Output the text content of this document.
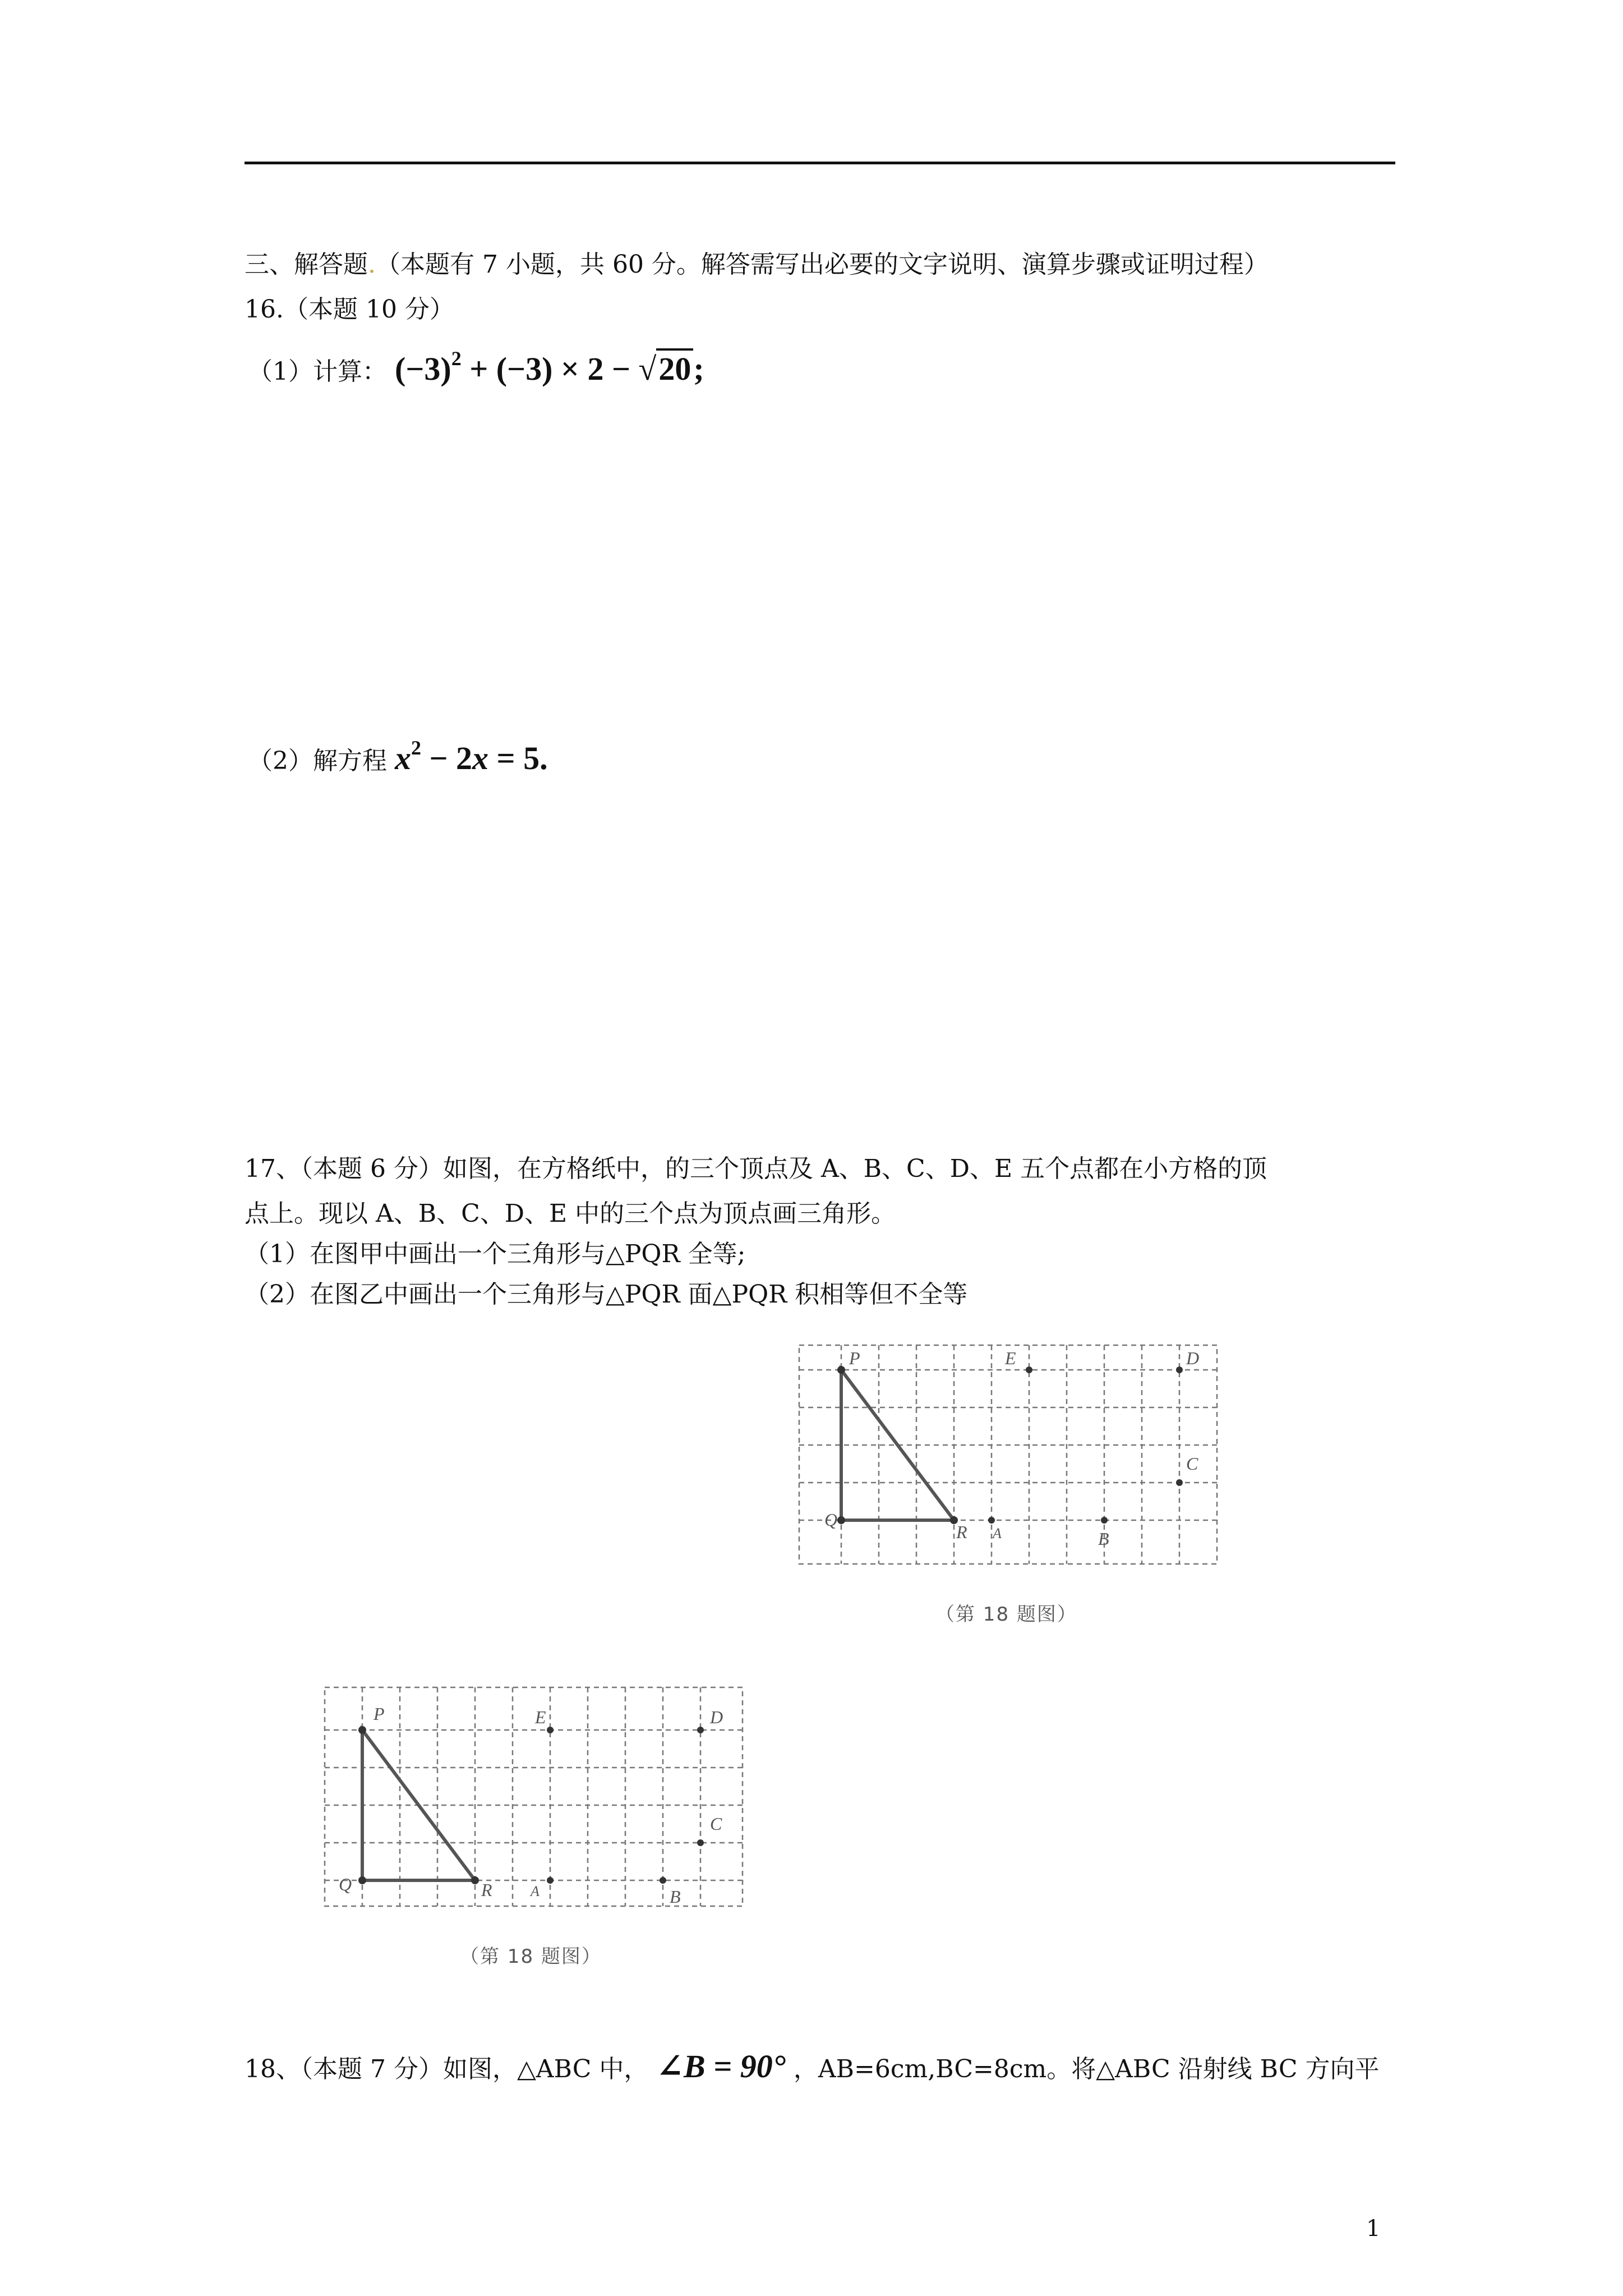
三、解答题.（本题有 7 小题，共 60 分。解答需写出必要的文字说明、演算步骤或证明过程）
16.（本题 10 分）
（1）计算： $(-3)^2 + (-3) \times 2 - √20$;
（2）解方程 $x^2 - 2x = 5$.
17、（本题 6 分）如图，在方格纸中，的三个顶点及 A、B、C、D、E 五个点都在小方格的顶
点上。现以 A、B、C、D、E 中的三个点为顶点画三角形。
（1）在图甲中画出一个三角形与△PQR 全等;
（2）在图乙中画出一个三角形与△PQR 面△PQR 积相等但不全等
P	E	D
C
Q
R A	B
（第 18 题图）
P	E	D
C
Q	R	A	B
（第 18 题图）
18、（本题 7 分）如图，△ABC 中， ∠B = 90° ，AB=6cm,BC=8cm。将△ABC 沿射线 BC 方向平
1
